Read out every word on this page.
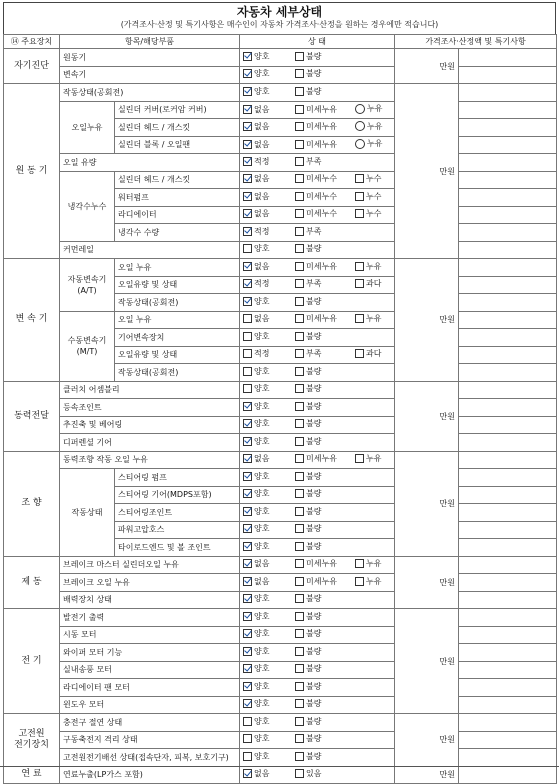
자동차 세부상태
(가격조사·산정 및 특기사항은 매수인이 자동차 가격조사·산정을 원하는 경우에만 적습니다)
⑭ 주요장치	항목/해당부품		상 태	가격조사·산정액 및 특기사항	
자기진단	원동기		양호 불량	만원	
	변속기		양호 불량		

원 동 기	작동상태(공회전)		양호 불량	만원	
	오일누유	실린더 커버(로커암 커버)	없음 미세누유 누유		

		실린더 헤드 / 개스킷	없음 미세누유 누유		

		실린더 블록 / 오일팬	없음 미세누유 누유		

	오일 유량		적정 부족		

	냉각수누수	실린더 헤드 / 개스킷	없음 미세누수 누수		

		워터펌프	없음 미세누수 누수		

		라디에이터	없음 미세누수 누수		

		냉각수 수량	적정 부족		

	커먼레일		양호 불량		

변 속 기	자동변속기
(A/T)	오일 누유	없음 미세누유 누유	만원	
		오일유량 및 상태	적정 부족 과다		

		작동상태(공회전)	양호 불량		

	수동변속기
(M/T)	오일 누유	없음 미세누유 누유		

		기어변속장치	양호 불량		

		오일유량 및 상태	적정 부족 과다		

		작동상태(공회전)	양호 불량		

동력전달	클러치 어셈블리		양호 불량	만원	
	등속조인트		양호 불량		

	추진축 및 베어링		양호 불량		

	디퍼렌셜 기어		양호 불량		

조 향	동력조향 작동 오일 누유		없음 미세누유 누유	만원	
	작동상태	스티어링 펌프	양호 불량		

		스티어링 기어(MDPS포함)	양호 불량		

		스티어링조인트	양호 불량		

		파워고압호스	양호 불량		

		타이로드엔드 및 볼 조인트	양호 불량		

제 동	브레이크 마스터 실린더오일 누유		없음 미세누유 누유	만원	
	브레이크 오일 누유		없음 미세누유 누유		

	배력장치 상태		양호 불량		

전 기	발전기 출력		양호 불량	만원	
	시동 모터		양호 불량		

	와이퍼 모터 기능		양호 불량		

	실내송풍 모터		양호 불량		

	라디에이터 팬 모터		양호 불량		

	윈도우 모터		양호 불량		

고전원
전기장치	충전구 절연 상태		양호 불량	만원	
	구동축전지 격리 상태		양호 불량		

	고전원전기배선 상태(접속단자, 피복, 보호기구)		양호 불량		

연 료	연료누출(LP가스 포함)		없음 있음	만원	
